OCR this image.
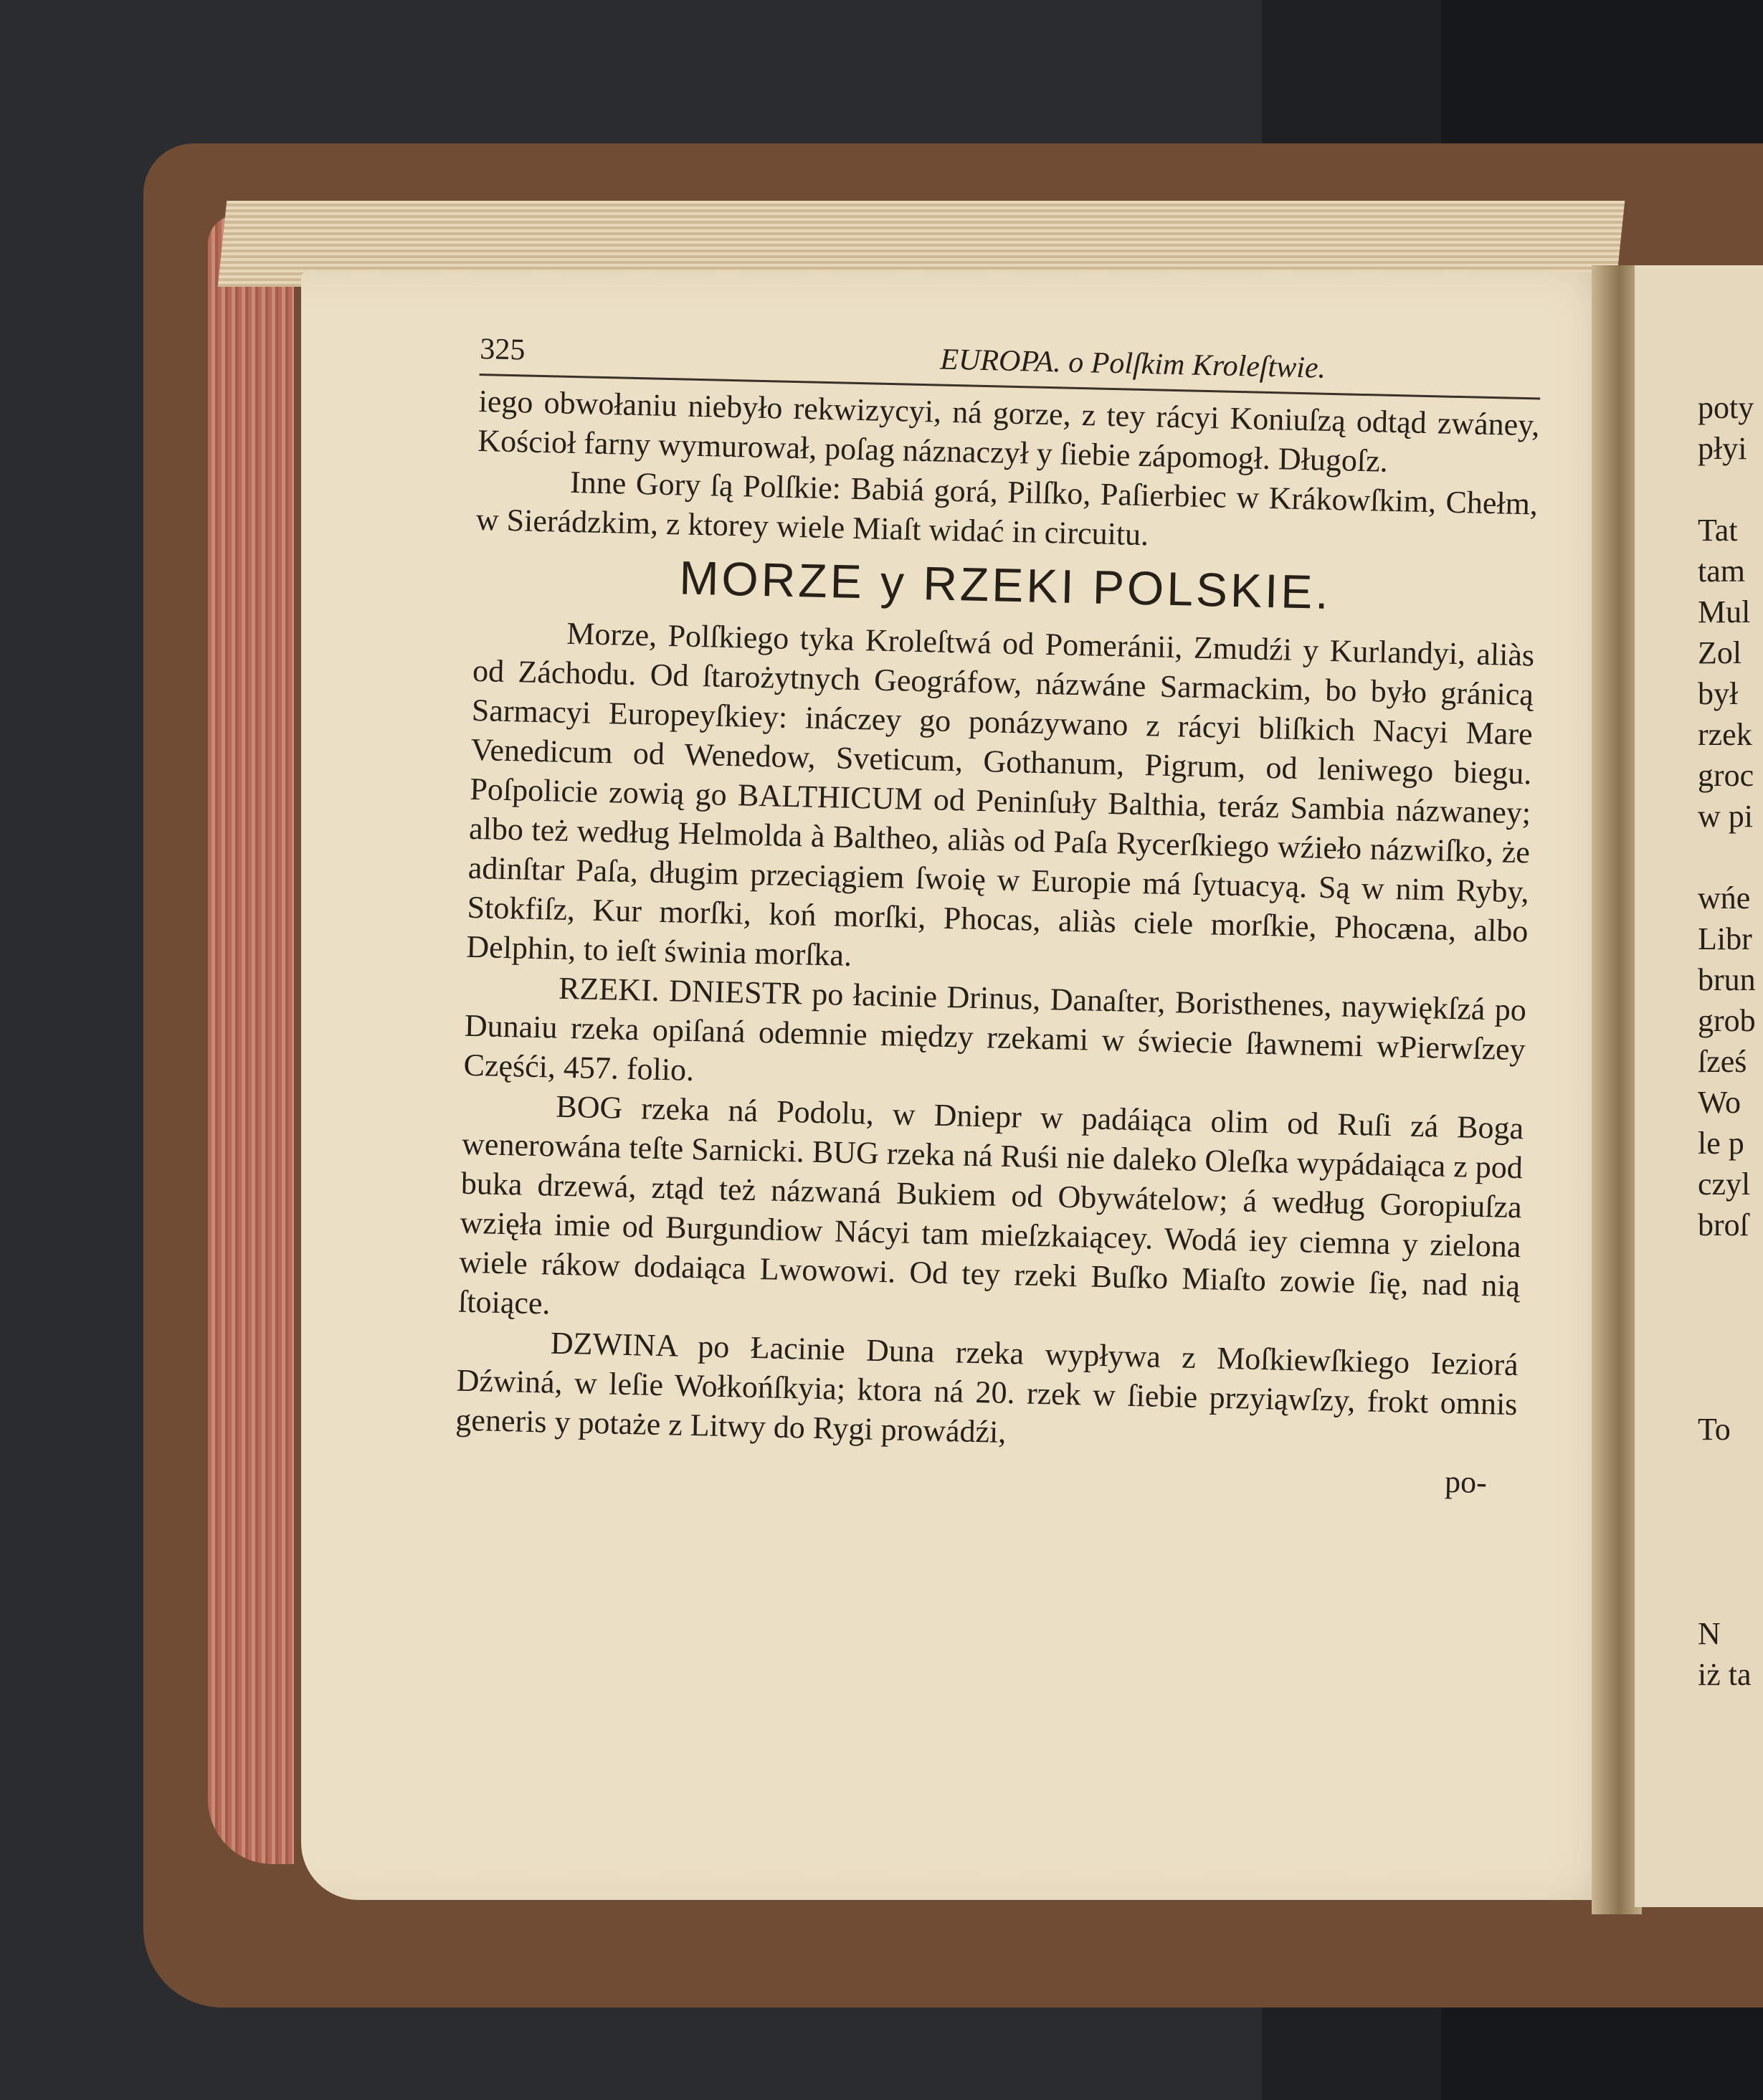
325	EUROPA. o Polſkim Kroleſtwie.

iego obwołaniu niebyło rekwizycyi, ná gorze, z tey rácyi Koniuſzą odtąd zwáney, Kościoł farny wymurował, poſag náznaczył y ſiebie zápomogł. Długoſz.

Inne Gory ſą Polſkie: Babiá gorá, Pilſko, Paſierbiec w Krákowſkim, Chełm, w Sierádzkim, z ktorey wiele Miaſt widać in circuitu.

MORZE y RZEKI POLSKIE.

Morze, Polſkiego tyka Kroleſtwá od Pomeránii, Zmudźi y Kurlandyi, aliàs od Záchodu. Od ſtarożytnych Geográfow, názwáne Sarmackim, bo było gránicą Sarmacyi Europeyſkiey: ináczey go ponázywano z rácyi bliſkich Nacyi Mare Venedicum od Wenedow, Sveticum, Gothanum, Pigrum, od leniwego biegu. Poſpolicie zowią go BALTHICUM od Peninſuły Balthia, teráz Sambia názwaney; albo też według Helmolda à Baltheo, aliàs od Paſa Rycerſkiego wźieło názwiſko, że adinſtar Paſa, długim przeciągiem ſwoię w Europie má ſytuacyą. Są w nim Ryby, Stokfiſz, Kur morſki, koń morſki, Phocas, aliàs ciele morſkie, Phocæna, albo Delphin, to ieſt świnia morſka.

RZEKI. DNIESTR po łacinie Drinus, Danaſter, Boristhenes, naywiękſzá po Dunaiu rzeka opiſaná odemnie między rzekami w świecie ſławnemi wPierwſzey Częśći, 457. folio.

BOG rzeka ná Podolu, w Dniepr w padáiąca olim od Ruſi zá Boga wenerowána teſte Sarnicki. BUG rzeka ná Ruśi nie daleko Oleſka wypádaiąca z pod buka drzewá, ztąd też názwaná Bukiem od Obywátelow; á według Goropiuſza wzięła imie od Burgundiow Nácyi tam mieſzkaiącey. Wodá iey ciemna y zielona wiele rákow dodaiąca Lwowowi. Od tey rzeki Buſko Miaſto zowie ſię, nad nią ſtoiące.

DZWINA po Łacinie Duna rzeka wypływa z Moſkiewſkiego Ieziorá Dźwiná, w leſie Wołkońſkyia; ktora ná 20. rzek w ſiebie przyiąwſzy, frokt omnis generis y potaże z Litwy do Rygi prowádźi,

po-
poty
płyi

Tat
tam
Mul
Zol
był
rzek
groc
w pi

wńe
Libr
brun
grob
ſześ
Wo
le p
czyl
broſ

To

N
iż ta
